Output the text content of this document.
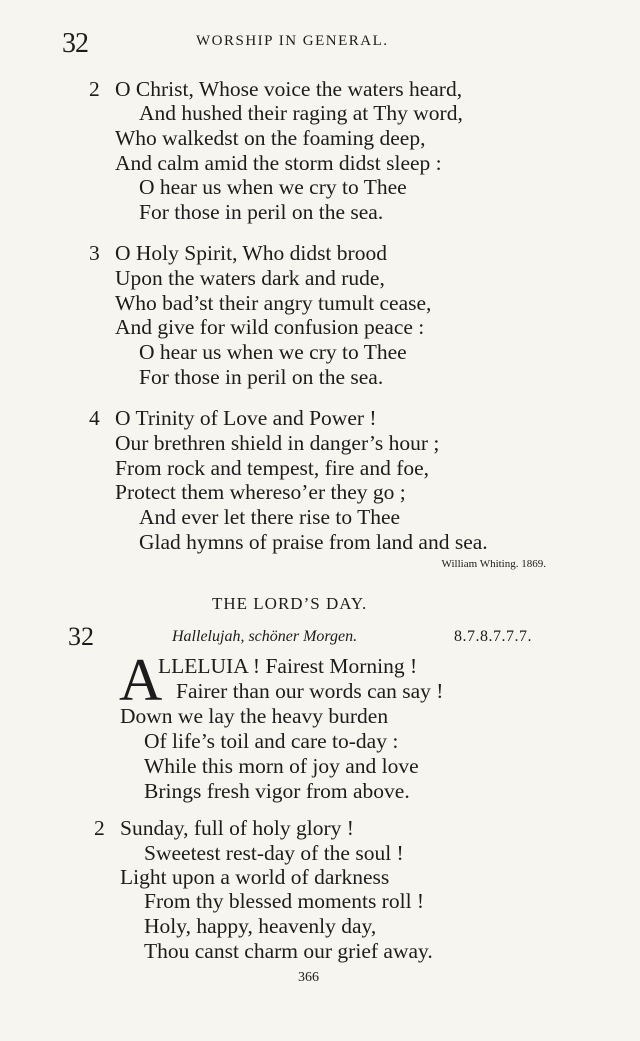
32	WORSHIP IN GENERAL.
2 O Christ, Whose voice the waters heard,
And hushed their raging at Thy word,
Who walkedst on the foaming deep,
And calm amid the storm didst sleep :
O hear us when we cry to Thee
For those in peril on the sea.
3 O Holy Spirit, Who didst brood
Upon the waters dark and rude,
Who bad’st their angry tumult cease,
And give for wild confusion peace :
O hear us when we cry to Thee
For those in peril on the sea.
4 O Trinity of Love and Power !
Our brethren shield in danger’s hour ;
From rock and tempest, fire and foe,
Protect them whereso’er they go ;
And ever let there rise to Thee
Glad hymns of praise from land and sea.
William Whiting. 1869.
THE LORD’S DAY.
32	Hallelujah, schöner Morgen.	8.7.8.7.7.7.
A
LLELUIA ! Fairest Morning !
Fairer than our words can say !
Down we lay the heavy burden
Of life’s toil and care to-day :
While this morn of joy and love
Brings fresh vigor from above.
2 Sunday, full of holy glory !
Sweetest rest-day of the soul !
Light upon a world of darkness
From thy blessed moments roll !
Holy, happy, heavenly day,
Thou canst charm our grief away.
366
